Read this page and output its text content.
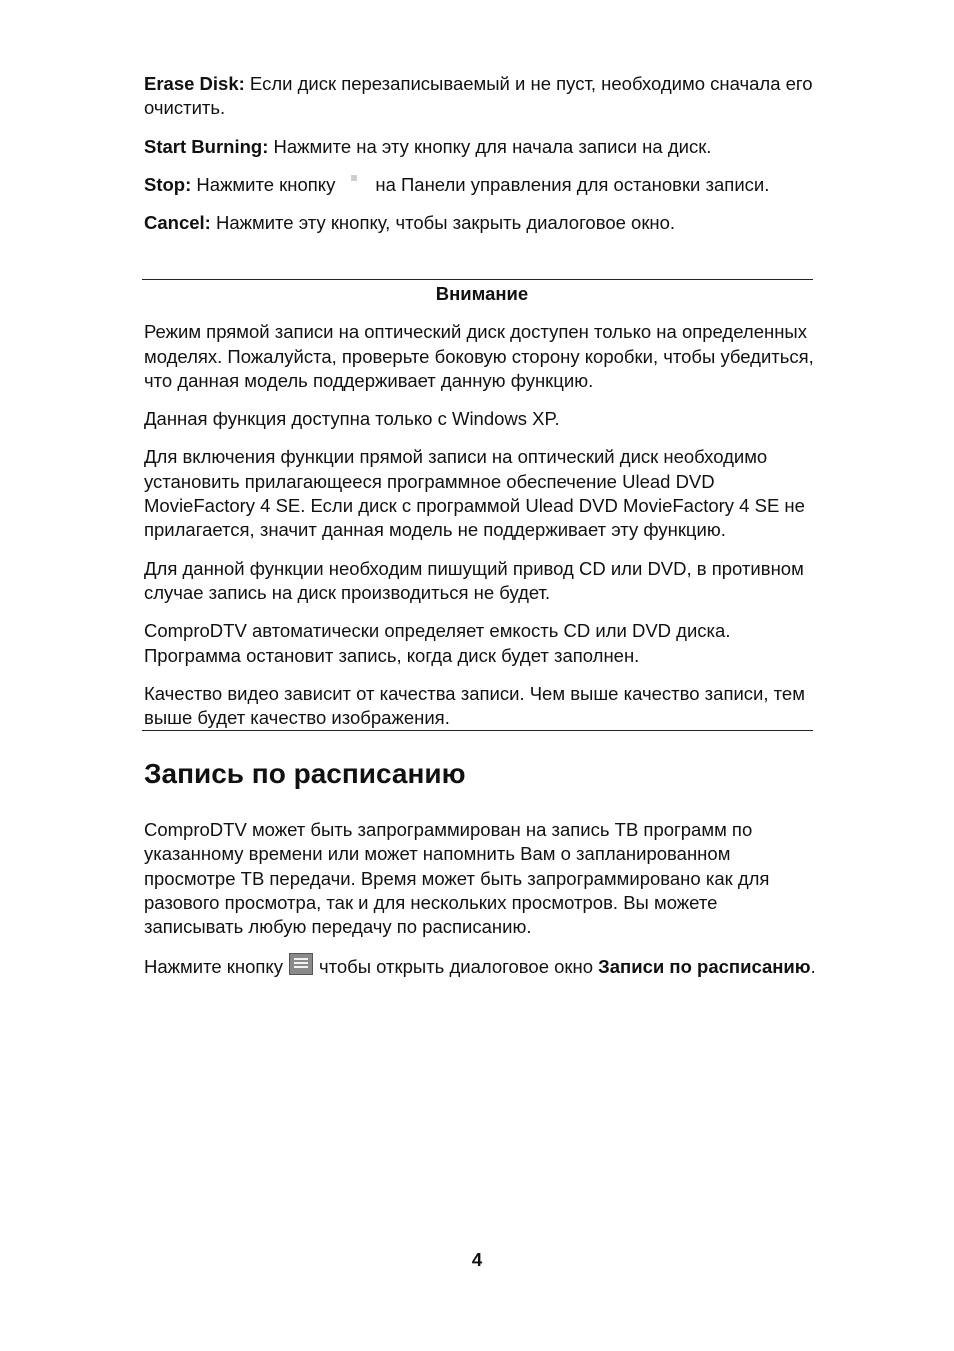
Erase Disk: Если диск перезаписываемый и не пуст, необходимо сначала его очистить.

Start Burning: Нажмите на эту кнопку для начала записи на диск.

Stop: Нажмите кнопку на Панели управления для остановки записи.

Cancel: Нажмите эту кнопку, чтобы закрыть диалоговое окно.

Внимание

Режим прямой записи на оптический диск доступен только на определенных моделях. Пожалуйста, проверьте боковую сторону коробки, чтобы убедиться, что данная модель поддерживает данную функцию.

Данная функция доступна только с Windows XP.

Для включения функции прямой записи на оптический диск необходимо установить прилагающееся программное обеспечение Ulead DVD MovieFactory 4 SE. Если диск с программой Ulead DVD MovieFactory 4 SE не прилагается, значит данная модель не поддерживает эту функцию.

Для данной функции необходим пишущий привод CD или DVD, в противном случае запись на диск производиться не будет.

ComproDTV автоматически определяет емкость CD или DVD диска. Программа остановит запись, когда диск будет заполнен.

Качество видео зависит от качества записи. Чем выше качество записи, тем выше будет качество изображения.

Запись по расписанию

ComproDTV может быть запрограммирован на запись ТВ программ по указанному времени или может напомнить Вам о запланированном просмотре ТВ передачи. Время может быть запрограммировано как для разового просмотра, так и для нескольких просмотров. Вы можете записывать любую передачу по расписанию.

Нажмите кнопку чтобы открыть диалоговое окно Записи по расписанию.

4
